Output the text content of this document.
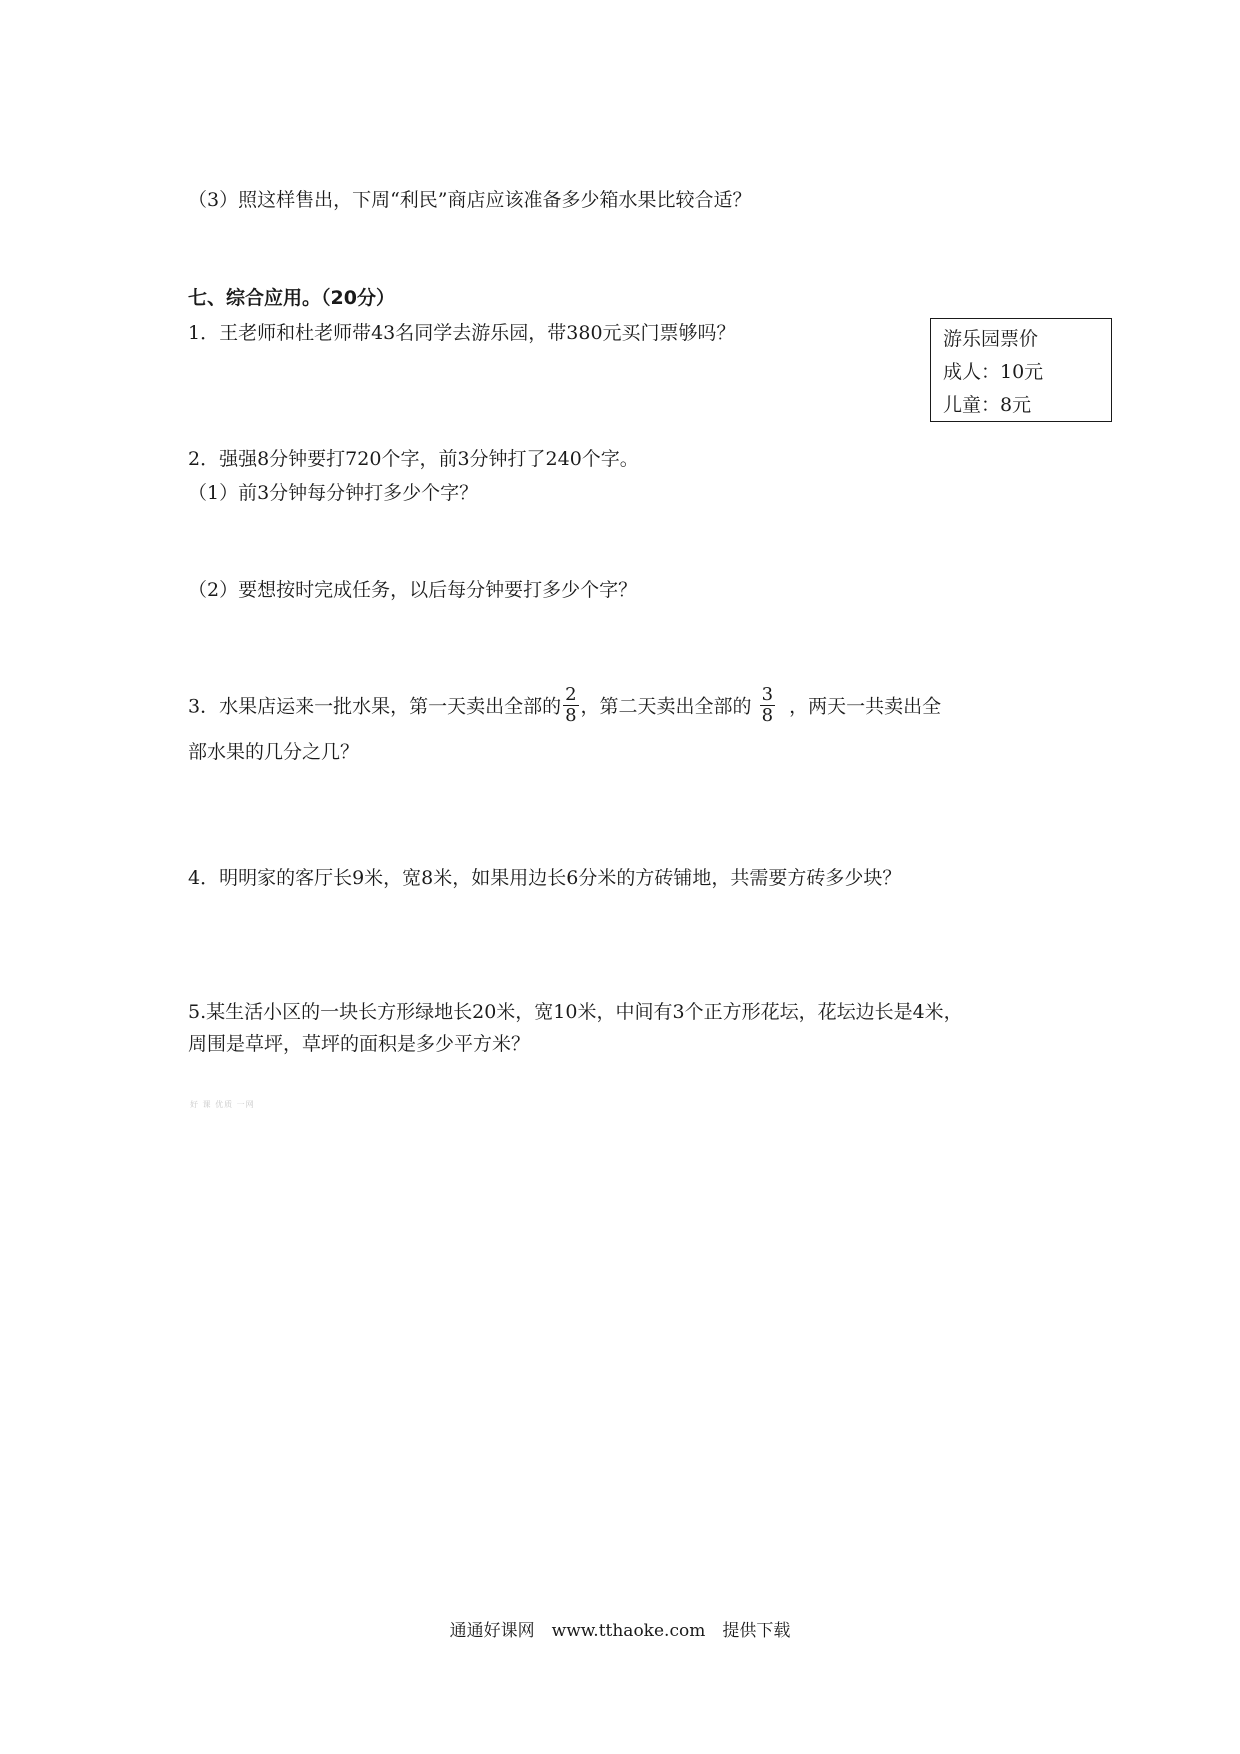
（3）照这样售出，下周“利民”商店应该准备多少箱水果比较合适？
七、综合应用。（20分）
1．王老师和杜老师带43名同学去游乐园，带380元买门票够吗？	游乐园票价
成人：10元
儿童：8元
2．强强8分钟要打720个字，前3分钟打了240个字。
（1）前3分钟每分钟打多少个字？
（2）要想按时完成任务，以后每分钟要打多少个字？
3．水果店运来一批水果，第一天卖出全部的 $\frac{2}{8}$ ，第二天卖出全部的 $\frac{3}{8}$ ，两天一共卖出全
部水果的几分之几？
4．明明家的客厅长9米，宽8米，如果用边长6分米的方砖铺地，共需要方砖多少块？
5.某生活小区的一块长方形绿地长20米，宽10米，中间有3个正方形花坛，花坛边长是4米，
周围是草坪，草坪的面积是多少平方米？
好 课 优质 一网
通通好课网　www.tthaoke.com　提供下载
